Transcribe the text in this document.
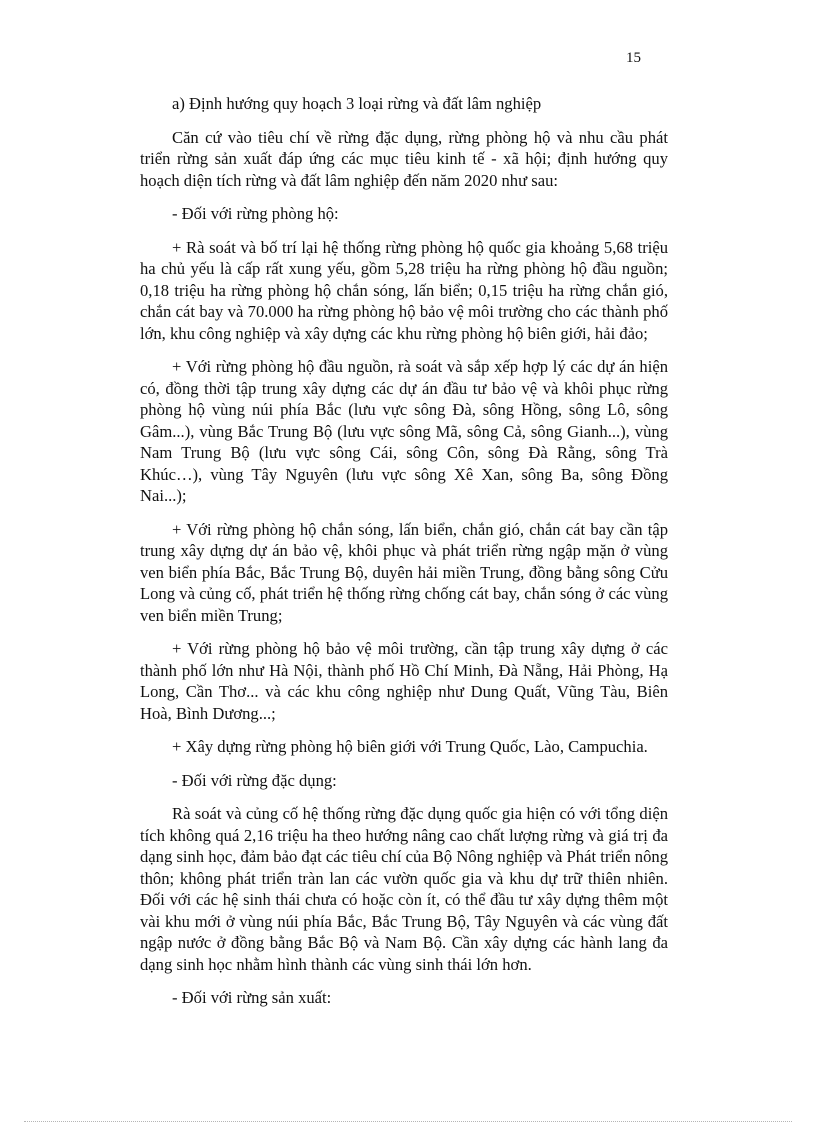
15

a) Định hướng quy hoạch 3 loại rừng và đất lâm nghiệp

Căn cứ vào tiêu chí về rừng đặc dụng, rừng phòng hộ và nhu cầu phát triển rừng sản xuất đáp ứng các mục tiêu kinh tế - xã hội; định hướng quy hoạch diện tích rừng và đất lâm nghiệp đến năm 2020 như sau:

- Đối với rừng phòng hộ:

+ Rà soát và bố trí lại hệ thống rừng phòng hộ quốc gia khoảng 5,68 triệu ha chủ yếu là cấp rất xung yếu, gồm 5,28 triệu ha rừng phòng hộ đầu nguồn; 0,18 triệu ha rừng phòng hộ chắn sóng, lấn biển; 0,15 triệu ha rừng chắn gió, chắn cát bay và 70.000 ha rừng phòng hộ bảo vệ môi trường cho các thành phố lớn, khu công nghiệp và xây dựng các khu rừng phòng hộ biên giới, hải đảo;

+ Với rừng phòng hộ đầu nguồn, rà soát và sắp xếp hợp lý các dự án hiện có, đồng thời tập trung xây dựng các dự án đầu tư bảo vệ và khôi phục rừng phòng hộ vùng núi phía Bắc (lưu vực sông Đà, sông Hồng, sông Lô, sông Gâm...), vùng Bắc Trung Bộ (lưu vực sông Mã, sông Cả, sông Gianh...), vùng Nam Trung Bộ (lưu vực sông Cái, sông Côn, sông Đà Rằng, sông Trà Khúc…), vùng Tây Nguyên (lưu vực sông Xê Xan, sông Ba, sông Đồng Nai...);

+ Với rừng phòng hộ chắn sóng, lấn biển, chắn gió, chắn cát bay cần tập trung xây dựng dự án bảo vệ, khôi phục và phát triển rừng ngập mặn ở vùng ven biển phía Bắc, Bắc Trung Bộ, duyên hải miền Trung, đồng bằng sông Cửu Long và củng cố, phát triển hệ thống rừng chống cát bay, chắn sóng ở các vùng ven biển miền Trung;

+ Với rừng phòng hộ bảo vệ môi trường, cần tập trung xây dựng ở các thành phố lớn như Hà Nội, thành phố Hồ Chí Minh, Đà Nẵng, Hải Phòng, Hạ Long, Cần Thơ... và các khu công nghiệp như Dung Quất, Vũng Tàu, Biên Hoà, Bình Dương...;

+ Xây dựng rừng phòng hộ biên giới với Trung Quốc, Lào, Campuchia.

- Đối với rừng đặc dụng:

Rà soát và củng cố hệ thống rừng đặc dụng quốc gia hiện có với tổng diện tích không quá 2,16 triệu ha theo hướng nâng cao chất lượng rừng và giá trị đa dạng sinh học, đảm bảo đạt các tiêu chí của Bộ Nông nghiệp và Phát triển nông thôn; không phát triển tràn lan các vườn quốc gia và khu dự trữ thiên nhiên. Đối với các hệ sinh thái chưa có hoặc còn ít, có thể đầu tư xây dựng thêm một vài khu mới ở vùng núi phía Bắc, Bắc Trung Bộ, Tây Nguyên và các vùng đất ngập nước ở đồng bằng Bắc Bộ và Nam Bộ. Cần xây dựng các hành lang đa dạng sinh học nhằm hình thành các vùng sinh thái lớn hơn.

- Đối với rừng sản xuất:
